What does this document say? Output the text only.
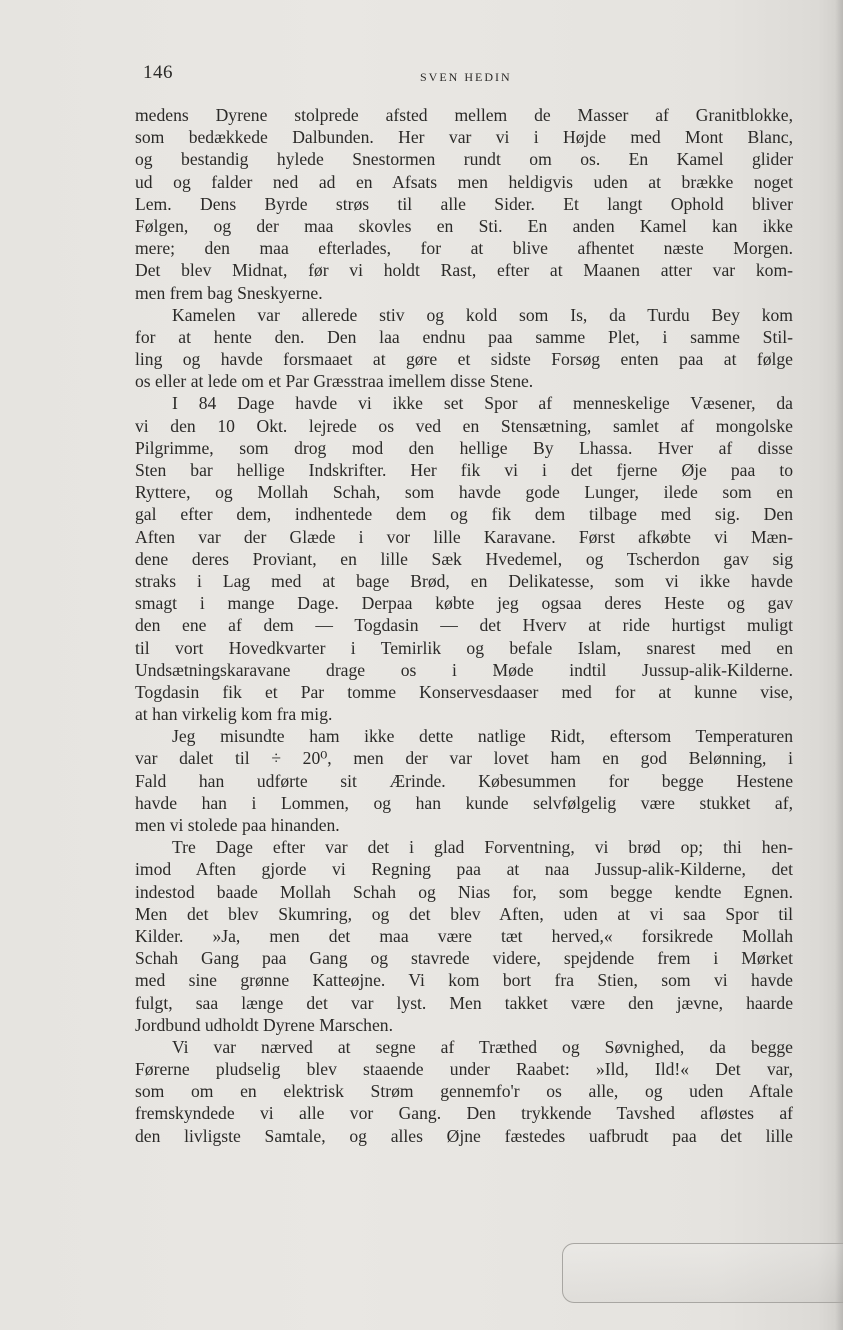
146	SVEN HEDIN
medens Dyrene stolprede afsted mellem de Masser af Granitblokke,
som bedækkede Dalbunden. Her var vi i Højde med Mont Blanc,
og bestandig hylede Snestormen rundt om os. En Kamel glider
ud og falder ned ad en Afsats men heldigvis uden at brække noget
Lem. Dens Byrde strøs til alle Sider. Et langt Ophold bliver
Følgen, og der maa skovles en Sti. En anden Kamel kan ikke
mere; den maa efterlades, for at blive afhentet næste Morgen.
Det blev Midnat, før vi holdt Rast, efter at Maanen atter var kom-
men frem bag Sneskyerne.
Kamelen var allerede stiv og kold som Is, da Turdu Bey kom
for at hente den. Den laa endnu paa samme Plet, i samme Stil-
ling og havde forsmaaet at gøre et sidste Forsøg enten paa at følge
os eller at lede om et Par Græsstraa imellem disse Stene.
I 84 Dage havde vi ikke set Spor af menneskelige Væsener, da
vi den 10 Okt. lejrede os ved en Stensætning, samlet af mongolske
Pilgrimme, som drog mod den hellige By Lhassa. Hver af disse
Sten bar hellige Indskrifter. Her fik vi i det fjerne Øje paa to
Ryttere, og Mollah Schah, som havde gode Lunger, ilede som en
gal efter dem, indhentede dem og fik dem tilbage med sig. Den
Aften var der Glæde i vor lille Karavane. Først afkøbte vi Mæn-
dene deres Proviant, en lille Sæk Hvedemel, og Tscherdon gav sig
straks i Lag med at bage Brød, en Delikatesse, som vi ikke havde
smagt i mange Dage. Derpaa købte jeg ogsaa deres Heste og gav
den ene af dem — Togdasin — det Hverv at ride hurtigst muligt
til vort Hovedkvarter i Temirlik og befale Islam, snarest med en
Undsætningskaravane drage os i Møde indtil Jussup-alik-Kilderne.
Togdasin fik et Par tomme Konservesdaaser med for at kunne vise,
at han virkelig kom fra mig.
Jeg misundte ham ikke dette natlige Ridt, eftersom Temperaturen
var dalet til ÷ 20⁰, men der var lovet ham en god Belønning, i
Fald han udførte sit Ærinde. Købesummen for begge Hestene
havde han i Lommen, og han kunde selvfølgelig være stukket af,
men vi stolede paa hinanden.
Tre Dage efter var det i glad Forventning, vi brød op; thi hen-
imod Aften gjorde vi Regning paa at naa Jussup-alik-Kilderne, det
indestod baade Mollah Schah og Nias for, som begge kendte Egnen.
Men det blev Skumring, og det blev Aften, uden at vi saa Spor til
Kilder. »Ja, men det maa være tæt herved,« forsikrede Mollah
Schah Gang paa Gang og stavrede videre, spejdende frem i Mørket
med sine grønne Katteøjne. Vi kom bort fra Stien, som vi havde
fulgt, saa længe det var lyst. Men takket være den jævne, haarde
Jordbund udholdt Dyrene Marschen.
Vi var nærved at segne af Træthed og Søvnighed, da begge
Førerne pludselig blev staaende under Raabet: »Ild, Ild!« Det var,
som om en elektrisk Strøm gennemfo'r os alle, og uden Aftale
fremskyndede vi alle vor Gang. Den trykkende Tavshed afløstes af
den livligste Samtale, og alles Øjne fæstedes uafbrudt paa det lille
